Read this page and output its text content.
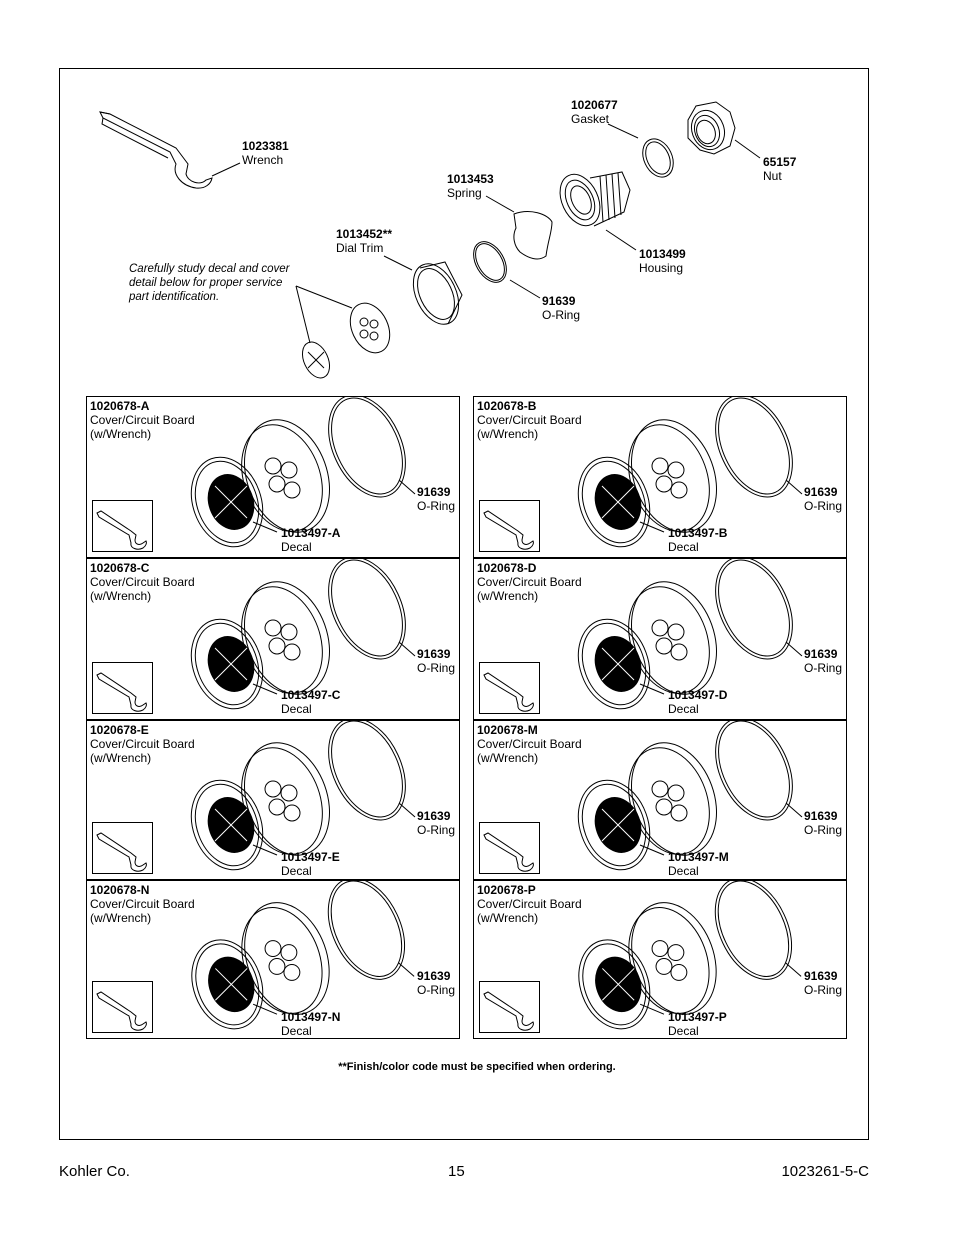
1023381
Wrench
1020677
Gasket
65157
Nut
1013453
Spring
1013499
Housing
1013452**
Dial Trim
91639
O-Ring
Carefully study decal and cover
detail below for proper service
part identification.
1020678-A
Cover/Circuit Board
(w/Wrench)
91639
O-Ring
1013497-A
Decal
1020678-B
Cover/Circuit Board
(w/Wrench)
91639
O-Ring
1013497-B
Decal
1020678-C
Cover/Circuit Board
(w/Wrench)
91639
O-Ring
1013497-C
Decal
1020678-D
Cover/Circuit Board
(w/Wrench)
91639
O-Ring
1013497-D
Decal
1020678-E
Cover/Circuit Board
(w/Wrench)
91639
O-Ring
1013497-E
Decal
1020678-M
Cover/Circuit Board
(w/Wrench)
91639
O-Ring
1013497-M
Decal
1020678-N
Cover/Circuit Board
(w/Wrench)
91639
O-Ring
1013497-N
Decal
1020678-P
Cover/Circuit Board
(w/Wrench)
91639
O-Ring
1013497-P
Decal
**Finish/color code must be specified when ordering.
Kohler Co.	15	1023261-5-C
